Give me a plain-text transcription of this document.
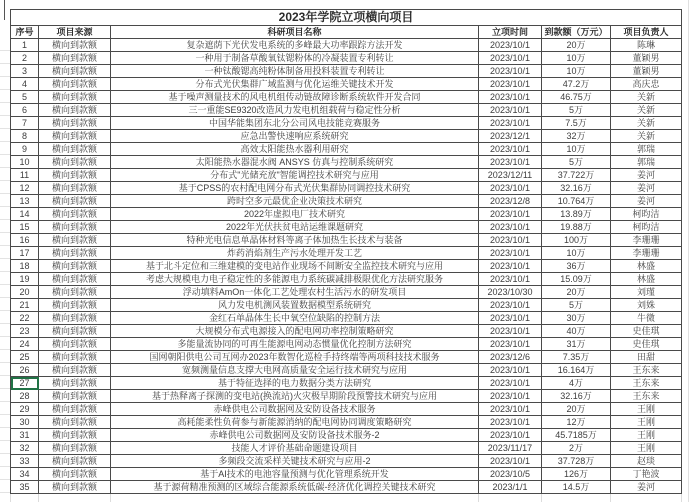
2023年学院立项横向项目					
序号	项目来源	科研项目名称	立项时间	到款额（万元）	项目负责人
1	横向到款额	复杂遮荫下光伏发电系统的多峰最大功率跟踪方法开发	2023/10/1	20万	陈琳
2	横向到款额	一种用于制备草酸氧钛锶粉体的冷凝装置专利转让	2023/10/1	10万	董颖男
3	横向到款额	一种钛酸锶高纯粉体制备用投料装置专利转让	2023/10/1	10万	董颖男
4	横向到款额	分布式光伏集群广域监测与优化运维关键技术开发	2023/10/1	47.2万	高庆忠
5	横向到款额	基于噪声测量技术的风电机组传动链故障诊断系统软件开发合同	2023/10/1	46.75万	关新
6	横向到款额	三一重能SE9320改造风力发电机组载荷与稳定性分析	2023/10/1	5万	关新
7	横向到款额	中国华能集团东北分公司风电技能竞赛服务	2023/10/1	7.5万	关新
8	横向到款额	应急出警快速响应系统研究	2023/12/1	32万	关新
9	横向到款额	高效太阳能热水器利用研究	2023/10/1	10万	郭瑞
10	横向到款额	太阳能热水器混水阀 ANSYS 仿真与控制系统研究	2023/10/1	5万	郭瑞
11	横向到款额	分布式"光储充放"智能调控技术研究与应用	2023/12/11	37.722万	姜河
12	横向到款额	基于CPSS的农村配电网分布式光伏集群协同调控技术研究	2023/10/1	32.16万	姜河
13	横向到款额	跨时空多元最优企业决策技术研究	2023/12/8	10.764万	姜河
14	横向到款额	2022年虚拟电厂技术研究	2023/10/1	13.89万	柯昀洁
15	横向到款额	2022年光伏扶贫电站运维课题研究	2023/10/1	19.88万	柯昀洁
16	横向到款额	特种光电信息单晶体材料等离子体加热生长技术与装备	2023/10/1	100万	李珊珊
17	横向到款额	炸药消焰剂生产污水处理开发工艺	2023/10/1	10万	李珊珊
18	横向到款额	基于北斗定位和三维建模的变电站作业现场不间断安全监控技术研究与应用	2023/10/1	36万	林盛
19	横向到款额	考虑大规模电力电子稳定性的多能源电力系统碳减排极限优化方法研究服务	2023/10/1	15.09万	林盛
20	横向到款额	浮动填料AmOn一体化工艺处理农村生活污水的研发项目	2023/10/30	20万	刘瑾
21	横向到款额	风力发电机测风装置数据模型系统研究	2023/10/1	5万	刘姝
22	横向到款额	金红石单晶体生长中氧空位缺陷的控制方法	2023/10/1	30万	牛微
23	横向到款额	大规模分布式电源接入的配电网功率控制策略研究	2023/10/1	40万	史佳琪
24	横向到款额	多能量流协同的可再生能源电网动态惯量优化控制方法研究	2023/10/1	31万	史佳琪
25	横向到款额	国网朝阳供电公司互网办2023年数智化巡检手持终端等两项科技技术服务	2023/12/6	7.35万	田甜
26	横向到款额	宽频测量信息支撑大电网高质量安全运行技术研究与应用	2023/10/1	16.164万	王东来
27	横向到款额	基于特征选择的电力数据分类方法研究	2023/10/1	4万	王东来
28	横向到款额	基于热释离子探测的变电站(换流站)火灾极早期阶段预警技术研究与应用	2023/10/1	32.16万	王东来
29	横向到款额	赤峰供电公司数据网及安防设备技术服务	2023/10/1	20万	王刚
30	横向到款额	高耗能柔性负荷参与新能源消纳的配电网协同调度策略研究	2023/10/1	12万	王刚
31	横向到款额	赤峰供电公司数据网及安防设备技术服务-2	2023/10/1	45.7185万	王刚
32	横向到款额	技能人才评价基础命题建设项目	2023/11/17	2万	王刚
33	横向到款额	多频段交流采样关键技术研究与应用-2	2023/10/1	37.728万	赵琰
34	横向到款额	基于AI技术的电池容量预测与优化管理系统开发	2023/10/5	126万	丁艳波
35	横向到款额	基于源荷精准预测的区域综合能源系统低碳-经济优化调控关键技术研究	2023/1/1	14.5万	姜河
